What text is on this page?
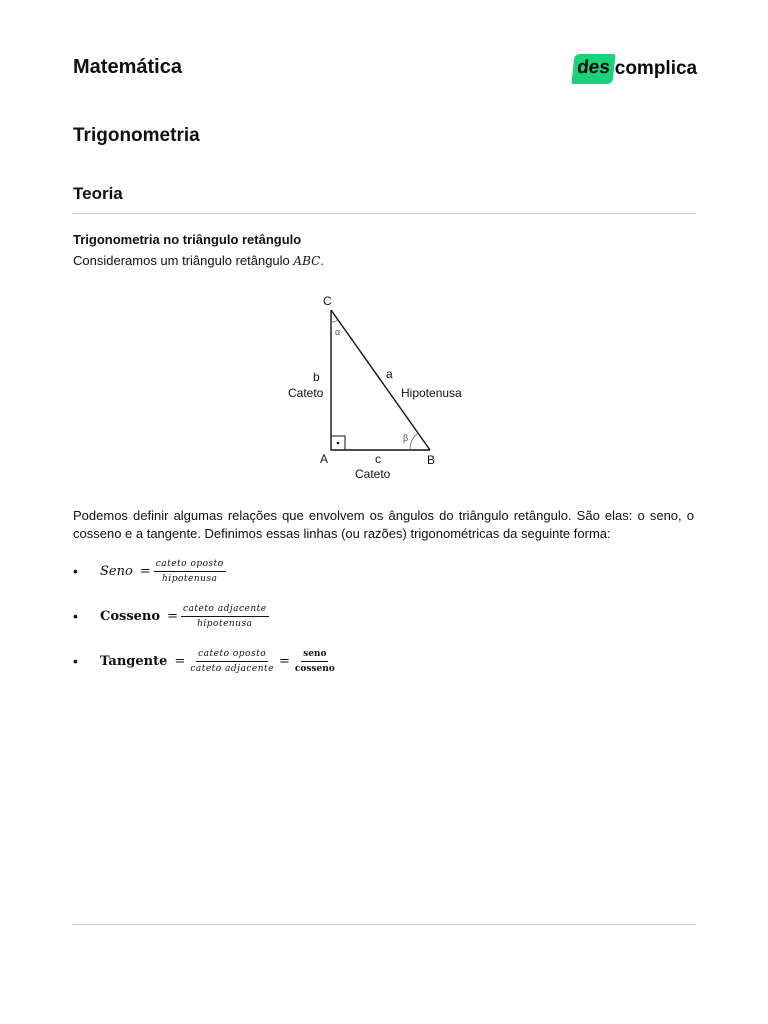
Matemática	des complica
Trigonometria
Teoria
Trigonometria no triângulo retângulo
Consideramos um triângulo retângulo ABC.
C
A	B
b
Cateto
a
Hipotenusa
c
Cateto
α
β
Podemos definir algumas relações que envolvem os ângulos do triângulo retângulo. São elas: o seno, o cosseno e a tangente. Definimos essas linhas (ou razões) trigonométricas da seguinte forma:
•	Seno = $\frac{\text{cateto oposto}}{\text{hipotenusa}}$
•	Cosseno = $\frac{\text{cateto adjacente}}{\text{hipotenusa}}$
•	Tangente = $\frac{\text{cateto oposto}}{\text{cateto adjacente}} = \frac{\text{seno}}{\text{cosseno}}$
